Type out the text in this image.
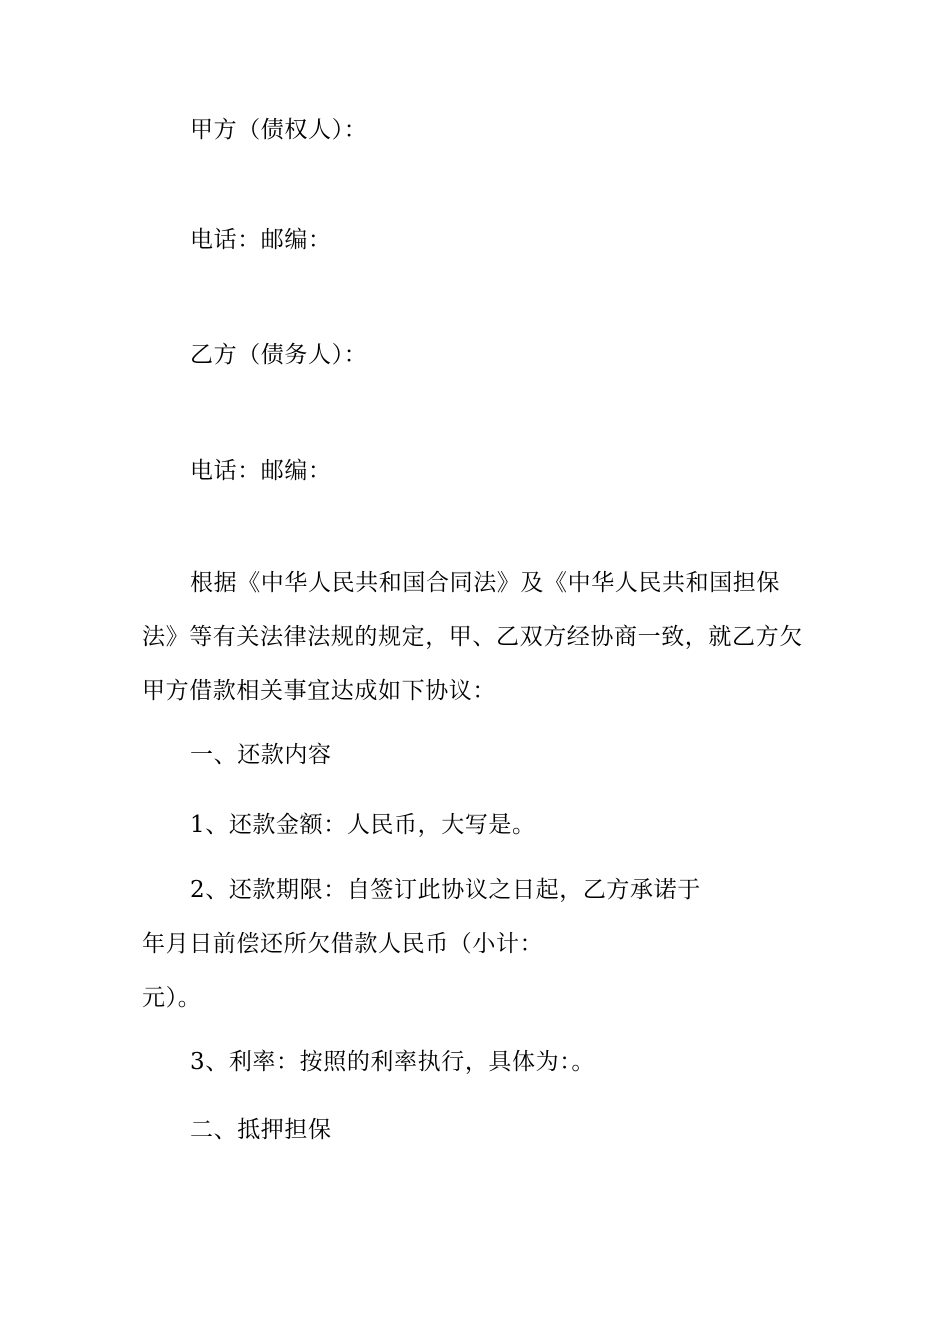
甲方（债权人）：
电话：邮编：
乙方（债务人）：
电话：邮编：
根据《中华人民共和国合同法》及《中华人民共和国担保
法》等有关法律法规的规定，甲、乙双方经协商一致，就乙方欠
甲方借款相关事宜达成如下协议：
一、还款内容
1、还款金额：人民币，大写是。
2、还款期限：自签订此协议之日起，乙方承诺于
年月日前偿还所欠借款人民币（小计：
元）。
3、利率：按照的利率执行，具体为：。
二、抵押担保
